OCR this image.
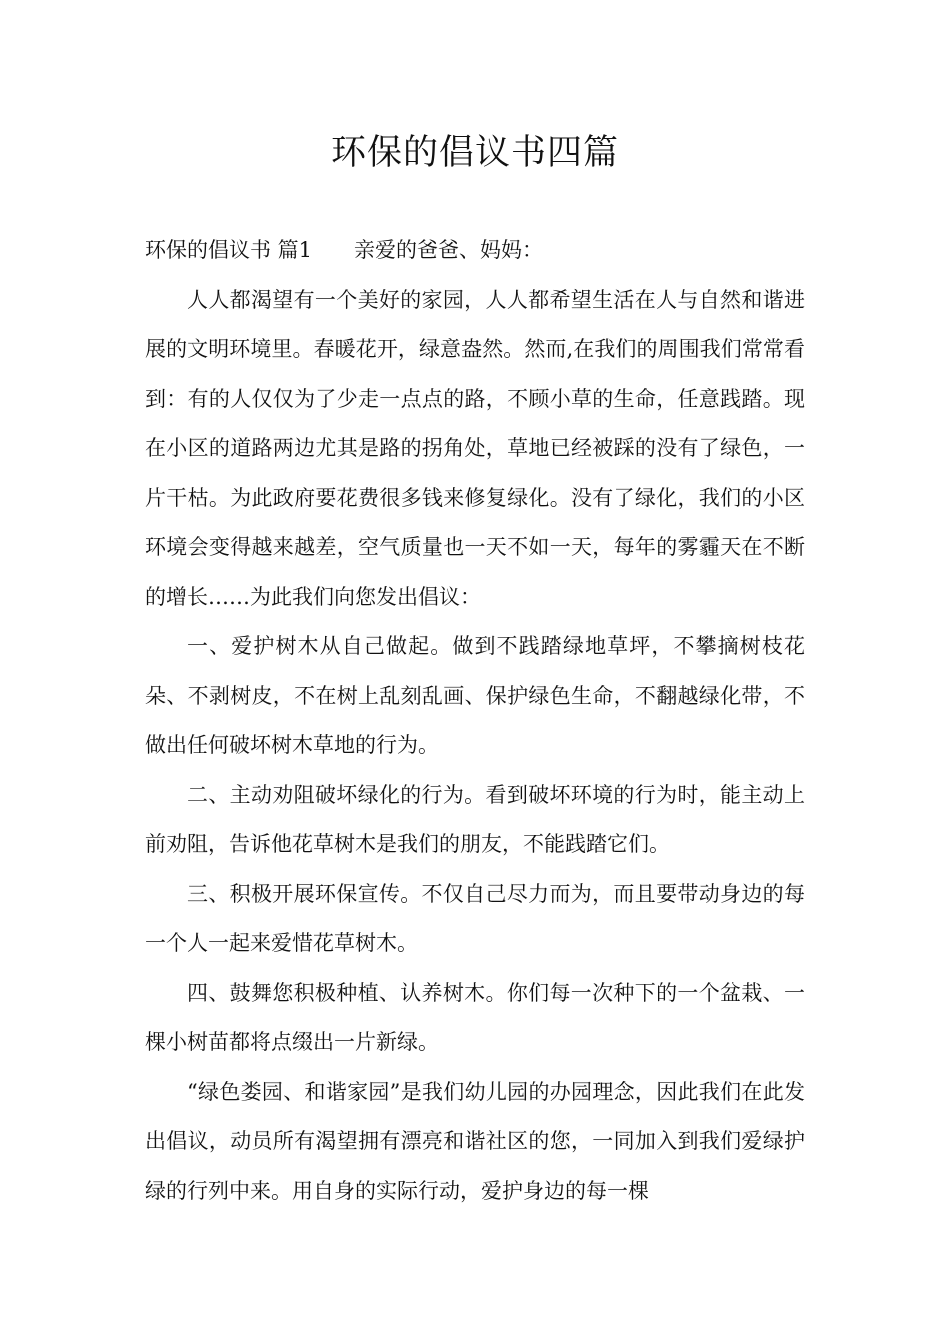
环保的倡议书四篇

环保的倡议书 篇1　　亲爱的爸爸、妈妈：

人人都渴望有一个美好的家园，人人都希望生活在人与自然和谐进展的文明环境里。春暖花开，绿意盎然。然而,在我们的周围我们常常看到：有的人仅仅为了少走一点点的路，不顾小草的生命，任意践踏。现在小区的道路两边尤其是路的拐角处，草地已经被踩的没有了绿色，一片干枯。为此政府要花费很多钱来修复绿化。没有了绿化，我们的小区环境会变得越来越差，空气质量也一天不如一天，每年的雾霾天在不断的增长……为此我们向您发出倡议：

一、爱护树木从自己做起。做到不践踏绿地草坪，不攀摘树枝花朵、不剥树皮，不在树上乱刻乱画、保护绿色生命，不翻越绿化带，不做出任何破坏树木草地的行为。

二、主动劝阻破坏绿化的行为。看到破坏环境的行为时，能主动上前劝阻，告诉他花草树木是我们的朋友，不能践踏它们。

三、积极开展环保宣传。不仅自己尽力而为，而且要带动身边的每一个人一起来爱惜花草树木。

四、鼓舞您积极种植、认养树木。你们每一次种下的一个盆栽、一棵小树苗都将点缀出一片新绿。

“绿色娄园、和谐家园”是我们幼儿园的办园理念，因此我们在此发出倡议，动员所有渴望拥有漂亮和谐社区的您，一同加入到我们爱绿护绿的行列中来。用自身的实际行动，爱护身边的每一棵
